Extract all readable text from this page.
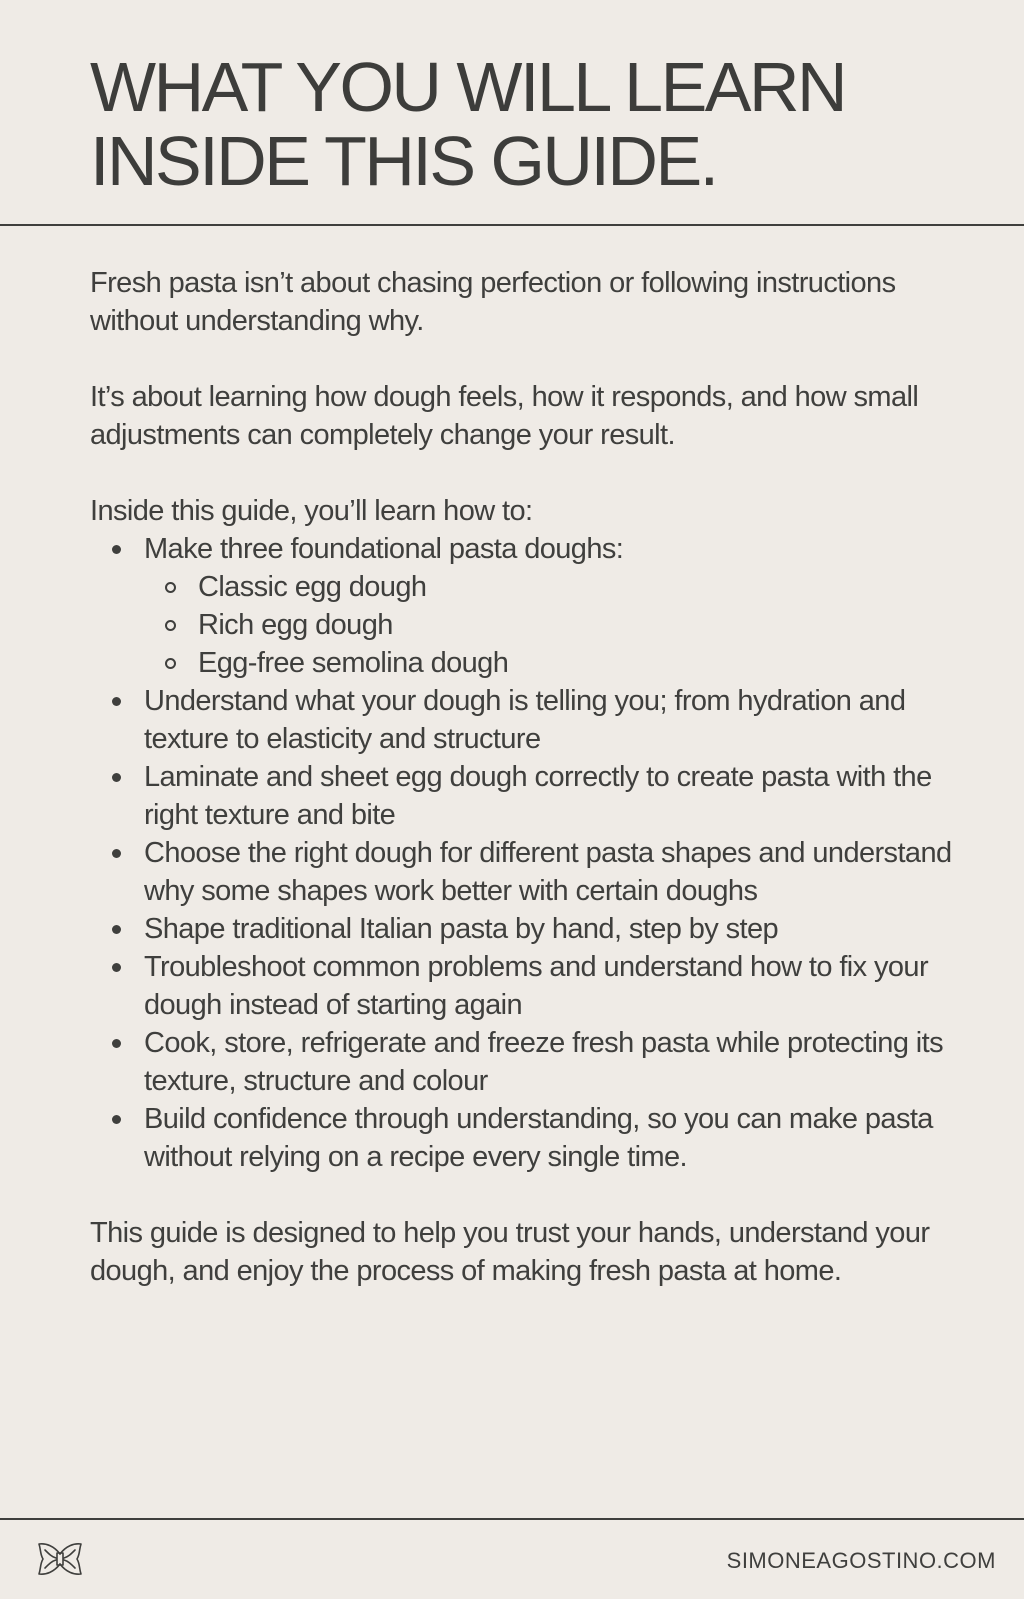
WHAT YOU WILL LEARN
INSIDE THIS GUIDE.

Fresh pasta isn’t about chasing perfection or following instructions without understanding why.

It’s about learning how dough feels, how it responds, and how small adjustments can completely change your result.

Inside this guide, you’ll learn how to:

Make three foundational pasta doughs:
Classic egg dough
Rich egg dough
Egg-free semolina dough
Understand what your dough is telling you; from hydration and texture to elasticity and structure
Laminate and sheet egg dough correctly to create pasta with the right texture and bite
Choose the right dough for different pasta shapes and understand why some shapes work better with certain doughs
Shape traditional Italian pasta by hand, step by step
Troubleshoot common problems and understand how to fix your dough instead of starting again
Cook, store, refrigerate and freeze fresh pasta while protecting its texture, structure and colour
Build confidence through understanding, so you can make pasta without relying on a recipe every single time.

This guide is designed to help you trust your hands, understand your dough, and enjoy the process of making fresh pasta at home.

SIMONEAGOSTINO.COM
